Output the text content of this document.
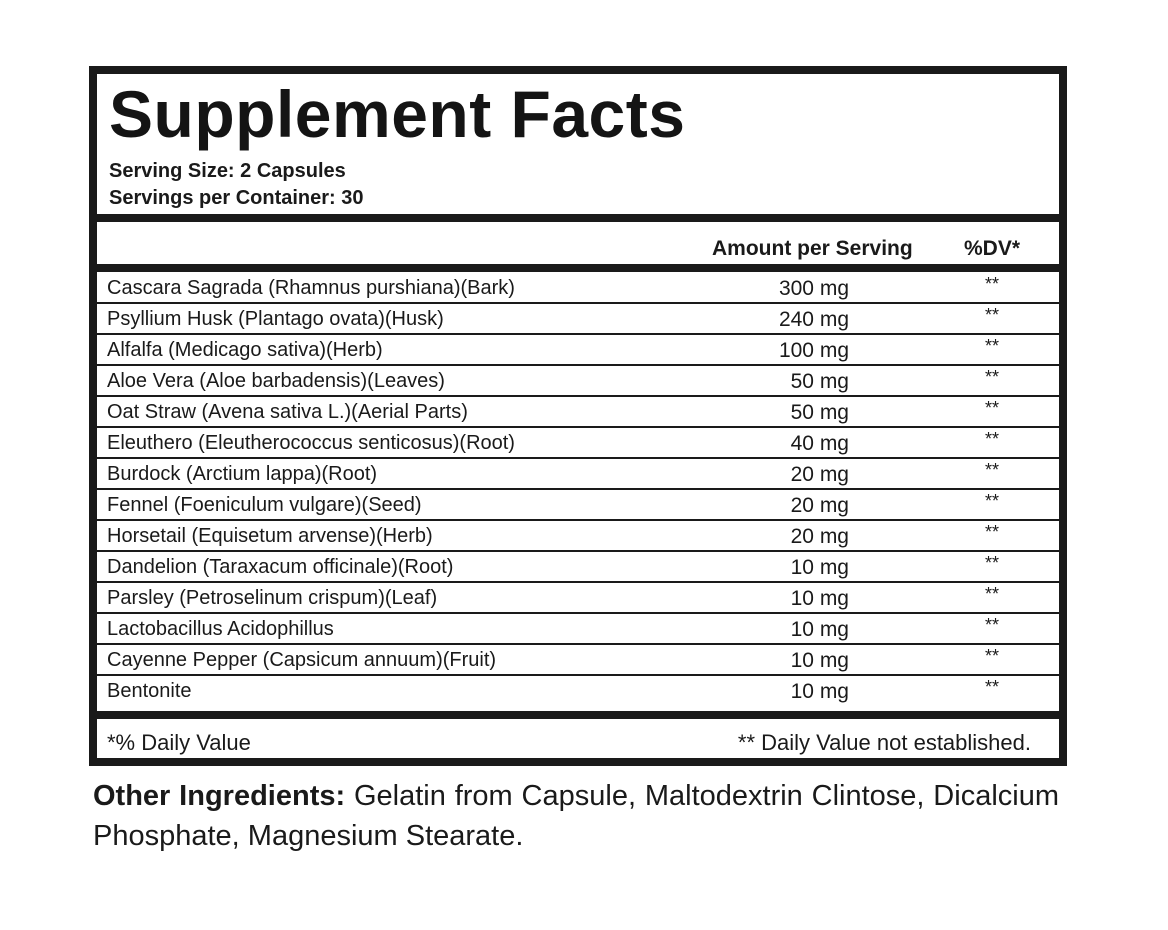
Supplement Facts
Serving Size: 2 Capsules
Servings per Container: 30
Amount per Serving %DV*
Cascara Sagrada (Rhamnus purshiana)(Bark)	300 mg	**
Psyllium Husk (Plantago ovata)(Husk)	240 mg	**
Alfalfa (Medicago sativa)(Herb)	100 mg	**
Aloe Vera (Aloe barbadensis)(Leaves)	50 mg	**
Oat Straw (Avena sativa L.)(Aerial Parts)	50 mg	**
Eleuthero (Eleutherococcus senticosus)(Root)	40 mg	**
Burdock (Arctium lappa)(Root)	20 mg	**
Fennel (Foeniculum vulgare)(Seed)	20 mg	**
Horsetail (Equisetum arvense)(Herb)	20 mg	**
Dandelion (Taraxacum officinale)(Root)	10 mg	**
Parsley (Petroselinum crispum)(Leaf)	10 mg	**
Lactobacillus Acidophillus	10 mg	**
Cayenne Pepper (Capsicum annuum)(Fruit)	10 mg	**
Bentonite	10 mg	**
*% Daily Value	** Daily Value not established.
Other Ingredients: Gelatin from Capsule, Maltodextrin Clintose, Dicalcium Phosphate, Magnesium Stearate.
